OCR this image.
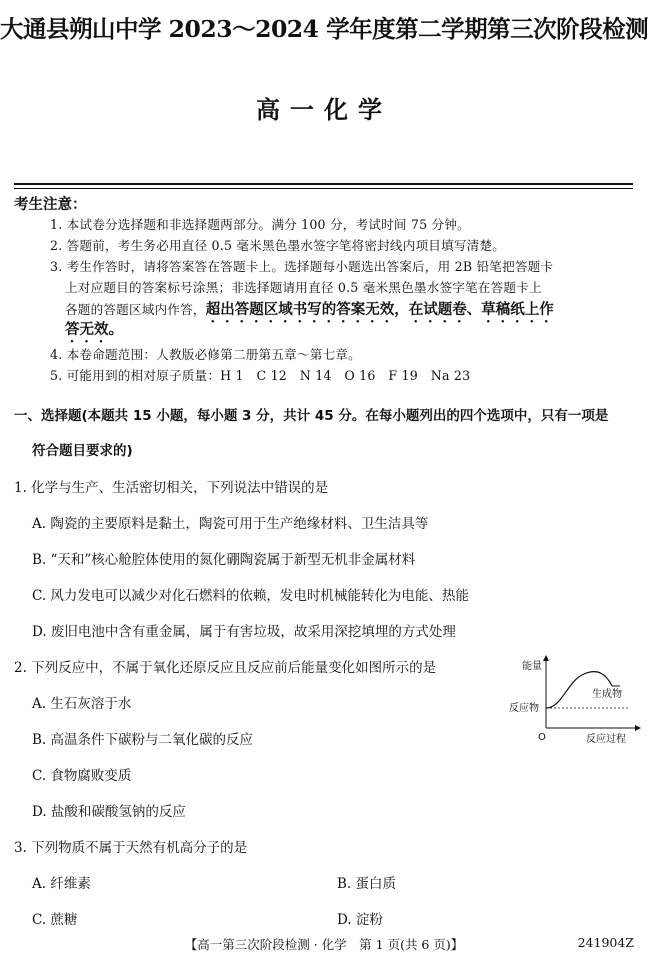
大通县朔山中学 2023～2024 学年度第二学期第三次阶段检测
高一化学
考生注意：
1. 本试卷分选择题和非选择题两部分。满分 100 分，考试时间 75 分钟。
2. 答题前，考生务必用直径 0.5 毫米黑色墨水签字笔将密封线内项目填写清楚。
3. 考生作答时，请将答案答在答题卡上。选择题每小题选出答案后，用 2B 铅笔把答题卡
上对应题目的答案标号涂黑；非选择题请用直径 0.5 毫米黑色墨水签字笔在答题卡上
各题的答题区域内作答，超出答题区域书写的答案无效，在试题卷、草稿纸上作
答无效。
4. 本卷命题范围：人教版必修第二册第五章～第七章。
5. 可能用到的相对原子质量：H 1　C 12　N 14　O 16　F 19　Na 23
一、选择题(本题共 15 小题，每小题 3 分，共计 45 分。在每小题列出的四个选项中，只有一项是
符合题目要求的)
1. 化学与生产、生活密切相关，下列说法中错误的是
A. 陶瓷的主要原料是黏土，陶瓷可用于生产绝缘材料、卫生洁具等
B. “天和”核心舱腔体使用的氮化硼陶瓷属于新型无机非金属材料
C. 风力发电可以减少对化石燃料的依赖，发电时机械能转化为电能、热能
D. 废旧电池中含有重金属，属于有害垃圾，故采用深挖填埋的方式处理
2. 下列反应中，不属于氧化还原反应且反应前后能量变化如图所示的是
A. 生石灰溶于水
B. 高温条件下碳粉与二氧化碳的反应
C. 食物腐败变质
D. 盐酸和碳酸氢钠的反应
能量
反应物
生成物
O	反应过程
3. 下列物质不属于天然有机高分子的是
A. 纤维素	B. 蛋白质
C. 蔗糖	D. 淀粉
【高一第三次阶段检测 · 化学　第 1 页(共 6 页)】	241904Z
